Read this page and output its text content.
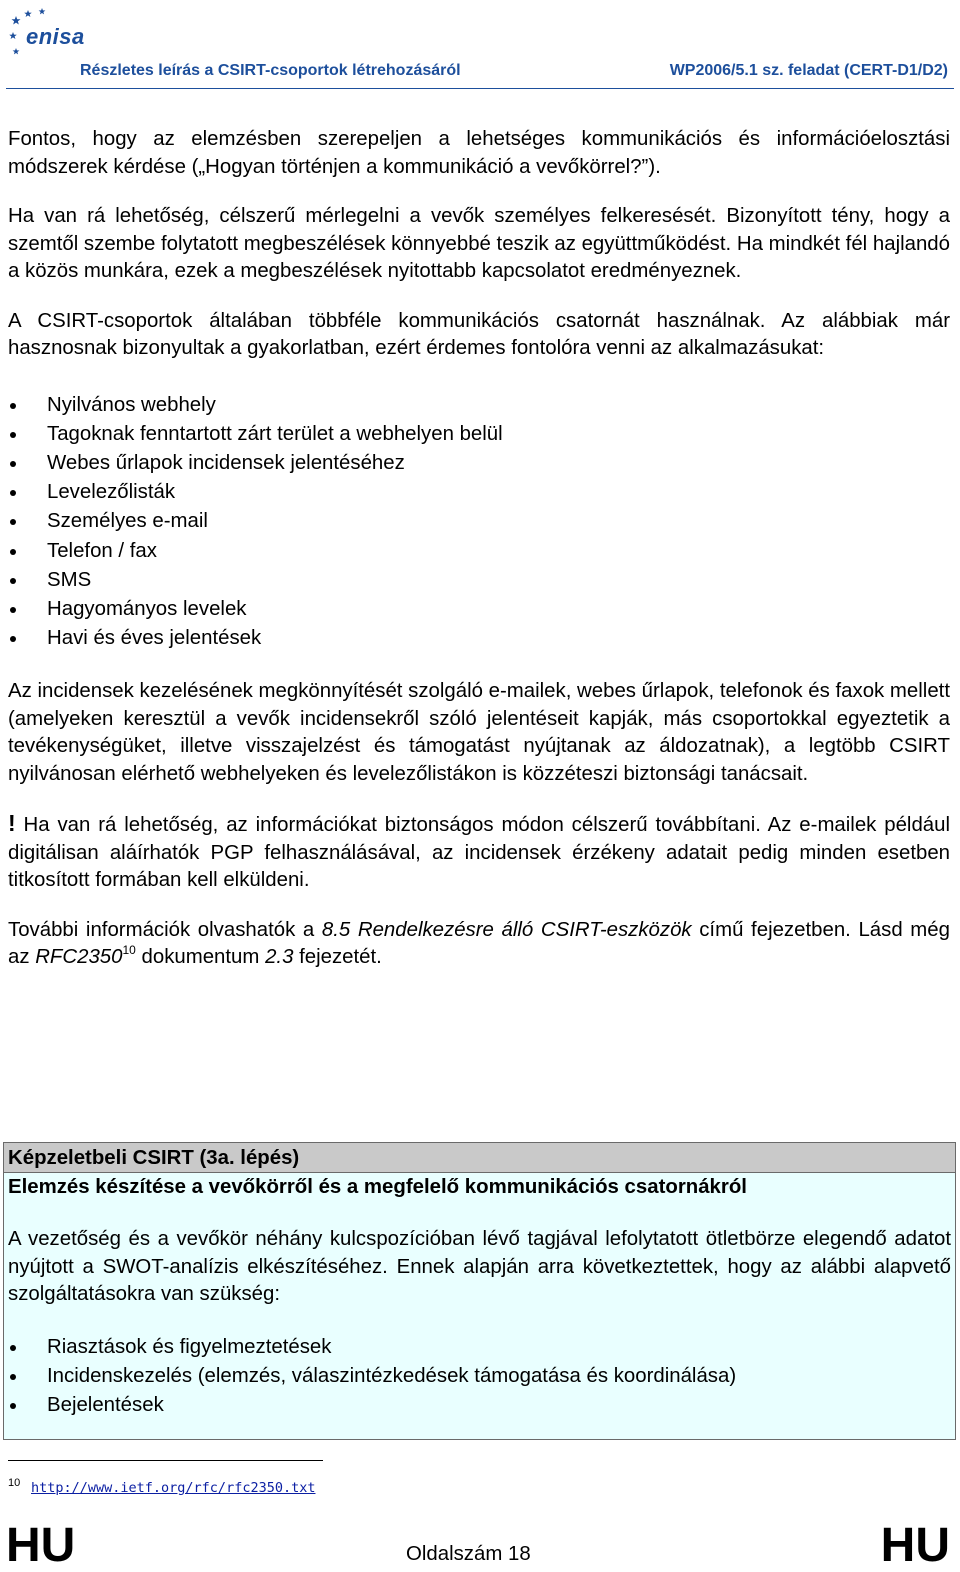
enisa
Részletes leírás a CSIRT-csoportok létrehozásáról	WP2006/5.1 sz. feladat (CERT-D1/D2)

Fontos, hogy az elemzésben szerepeljen a lehetséges kommunikációs és információelosztási módszerek kérdése („Hogyan történjen a kommunikáció a vevőkörrel?”).

Ha van rá lehetőség, célszerű mérlegelni a vevők személyes felkeresését. Bizonyított tény, hogy a szemtől szembe folytatott megbeszélések könnyebbé teszik az együttműködést. Ha mindkét fél hajlandó a közös munkára, ezek a megbeszélések nyitottabb kapcsolatot eredményeznek.

A CSIRT-csoportok általában többféle kommunikációs csatornát használnak. Az alábbiak már hasznosnak bizonyultak a gyakorlatban, ezért érdemes fontolóra venni az alkalmazásukat:

Nyilvános webhely
Tagoknak fenntartott zárt terület a webhelyen belül
Webes űrlapok incidensek jelentéséhez
Levelezőlisták
Személyes e-mail
Telefon / fax
SMS
Hagyományos levelek
Havi és éves jelentések

Az incidensek kezelésének megkönnyítését szolgáló e-mailek, webes űrlapok, telefonok és faxok mellett (amelyeken keresztül a vevők incidensekről szóló jelentéseit kapják, más csoportokkal egyeztetik a tevékenységüket, illetve visszajelzést és támogatást nyújtanak az áldozatnak), a legtöbb CSIRT nyilvánosan elérhető webhelyeken és levelezőlistákon is közzéteszi biztonsági tanácsait.

! Ha van rá lehetőség, az információkat biztonságos módon célszerű továbbítani. Az e-mailek például digitálisan aláírhatók PGP felhasználásával, az incidensek érzékeny adatait pedig minden esetben titkosított formában kell elküldeni.

További információk olvashatók a 8.5 Rendelkezésre álló CSIRT-eszközök című fejezetben. Lásd még az RFC2350$^{10}$ dokumentum 2.3 fejezetét.

Képzeletbeli CSIRT (3a. lépés)
Elemzés készítése a vevőkörről és a megfelelő kommunikációs csatornákról

A vezetőség és a vevőkör néhány kulcspozícióban lévő tagjával lefolytatott ötletbörze elegendő adatot nyújtott a SWOT-analízis elkészítéséhez. Ennek alapján arra következtettek, hogy az alábbi alapvető szolgáltatásokra van szükség:

Riasztások és figyelmeztetések
Incidenskezelés (elemzés, válaszintézkedések támogatása és koordinálása)
Bejelentések
10 http://www.ietf.org/rfc/rfc2350.txt
HU	Oldalszám 18	HU
